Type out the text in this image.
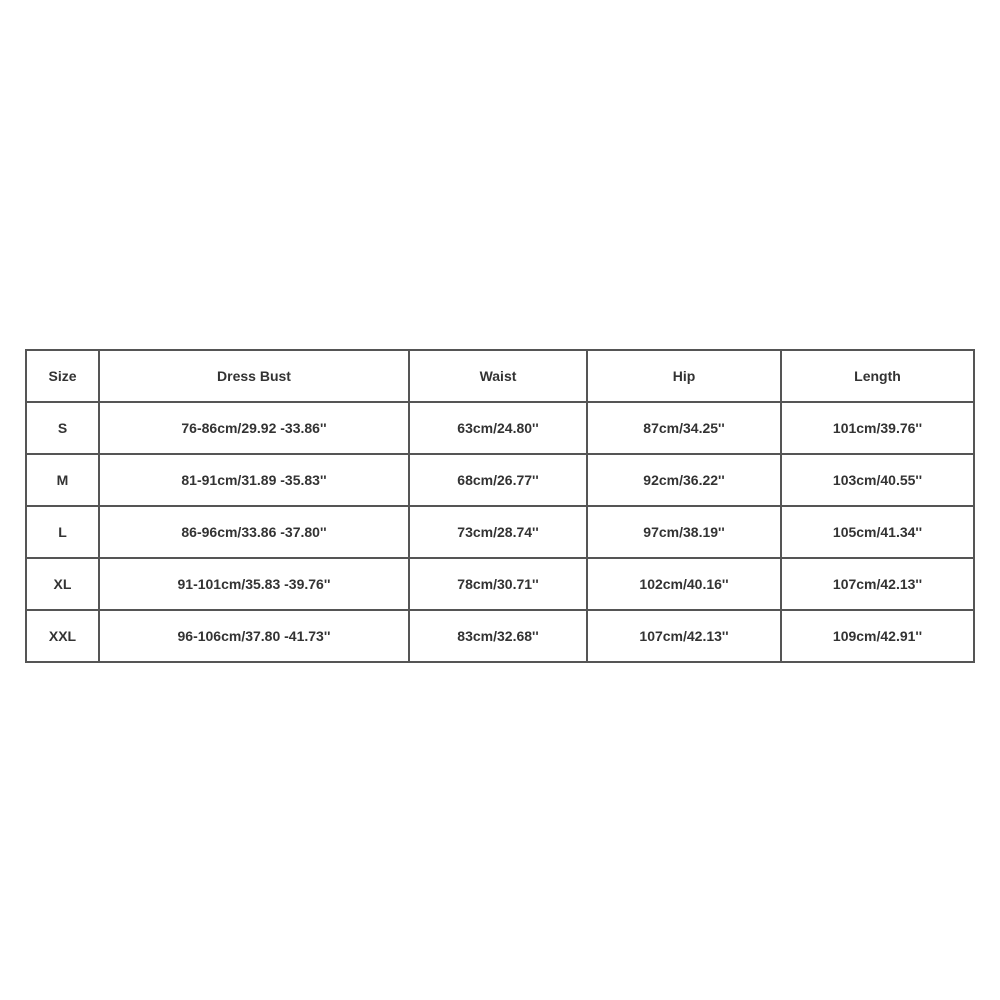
Size	Dress Bust	Waist	Hip	Length
S	76-86cm/29.92 -33.86''	63cm/24.80''	87cm/34.25''	101cm/39.76''
M	81-91cm/31.89 -35.83''	68cm/26.77''	92cm/36.22''	103cm/40.55''
L	86-96cm/33.86 -37.80''	73cm/28.74''	97cm/38.19''	105cm/41.34''
XL	91-101cm/35.83 -39.76''	78cm/30.71''	102cm/40.16''	107cm/42.13''
XXL	96-106cm/37.80 -41.73''	83cm/32.68''	107cm/42.13''	109cm/42.91''
